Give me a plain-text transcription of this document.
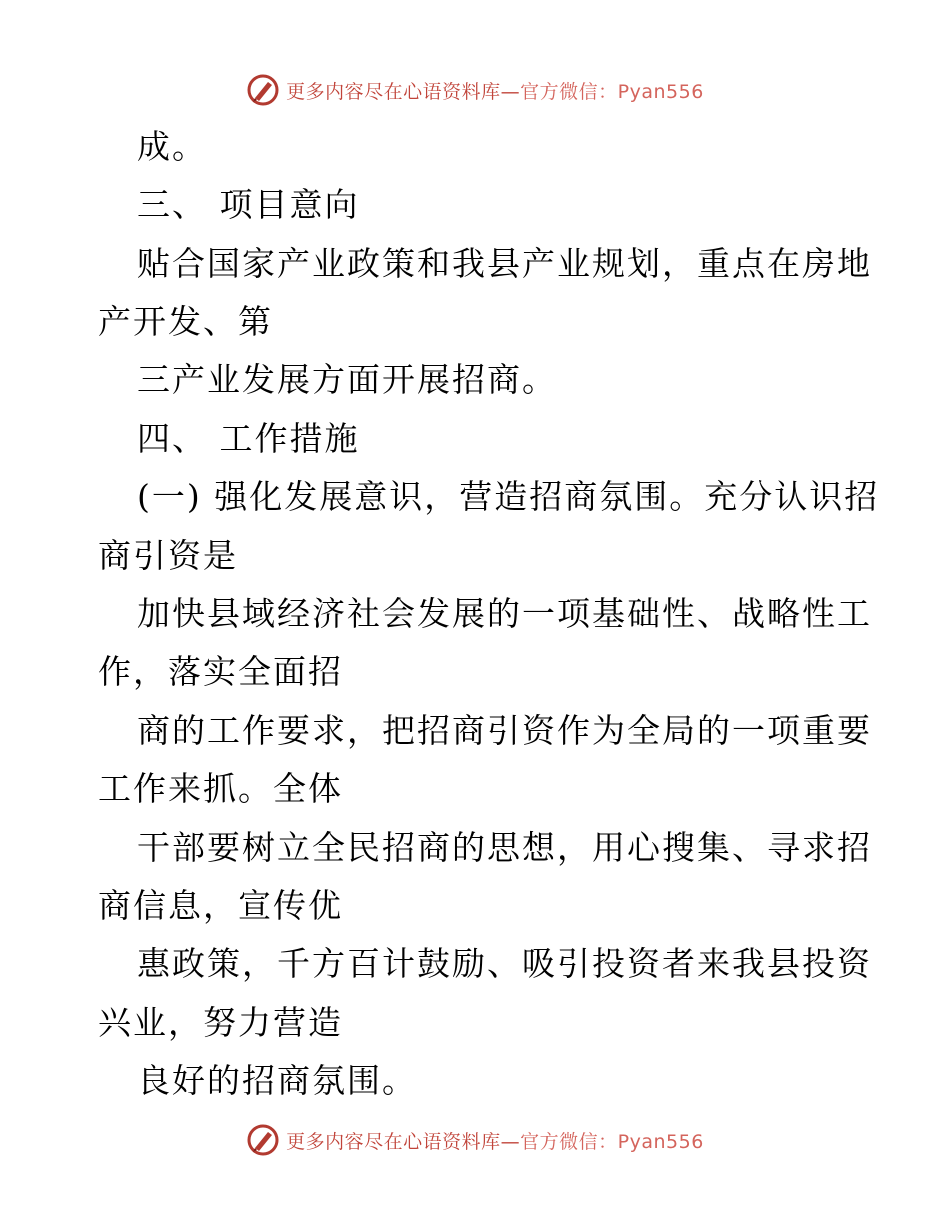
更多内容尽在心语资料库—官方微信：Pyan556
成。
三、 项目意向
贴合国家产业政策和我县产业规划，重点在房地
产开发、第
三产业发展方面开展招商。
四、 工作措施
(一) 强化发展意识，营造招商氛围。充分认识招
商引资是
加快县域经济社会发展的一项基础性、战略性工
作，落实全面招
商的工作要求，把招商引资作为全局的一项重要
工作来抓。全体
干部要树立全民招商的思想，用心搜集、寻求招
商信息，宣传优
惠政策，千方百计鼓励、吸引投资者来我县投资
兴业，努力营造
良好的招商氛围。
更多内容尽在心语资料库—官方微信：Pyan556
